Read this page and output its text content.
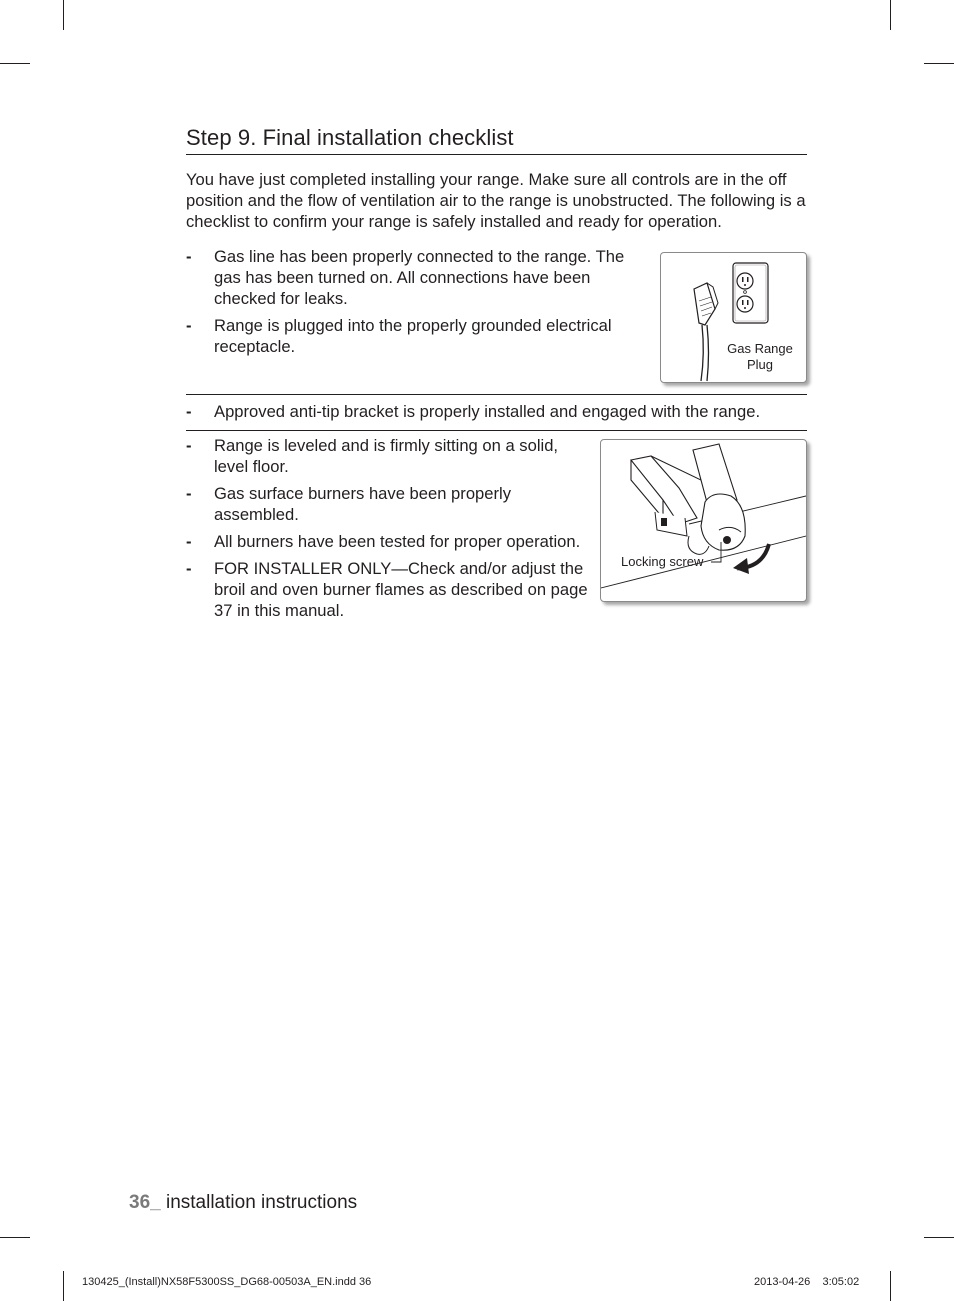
Step 9. Final installation checklist

You have just completed installing your range. Make sure all controls are in the off position and the flow of ventilation air to the range is unobstructed. The following is a checklist to confirm your range is safely installed and ready for operation.

- Gas line has been properly connected to the range. The gas has been turned on. All connections have been checked for leaks.
- Range is plugged into the properly grounded electrical receptacle.	Gas Range Plug
- Approved anti-tip bracket is properly installed and engaged with the range.
- Range is leveled and is firmly sitting on a solid, level floor.
- Gas surface burners have been properly assembled.
- All burners have been tested for proper operation.
- FOR INSTALLER ONLY—Check and/or adjust the broil and oven burner flames as described on page 37 in this manual.
Locking screw
36_ installation instructions
130425_(Install)NX58F5300SS_DG68-00503A_EN.indd 36	2013-04-26    3:05:02
